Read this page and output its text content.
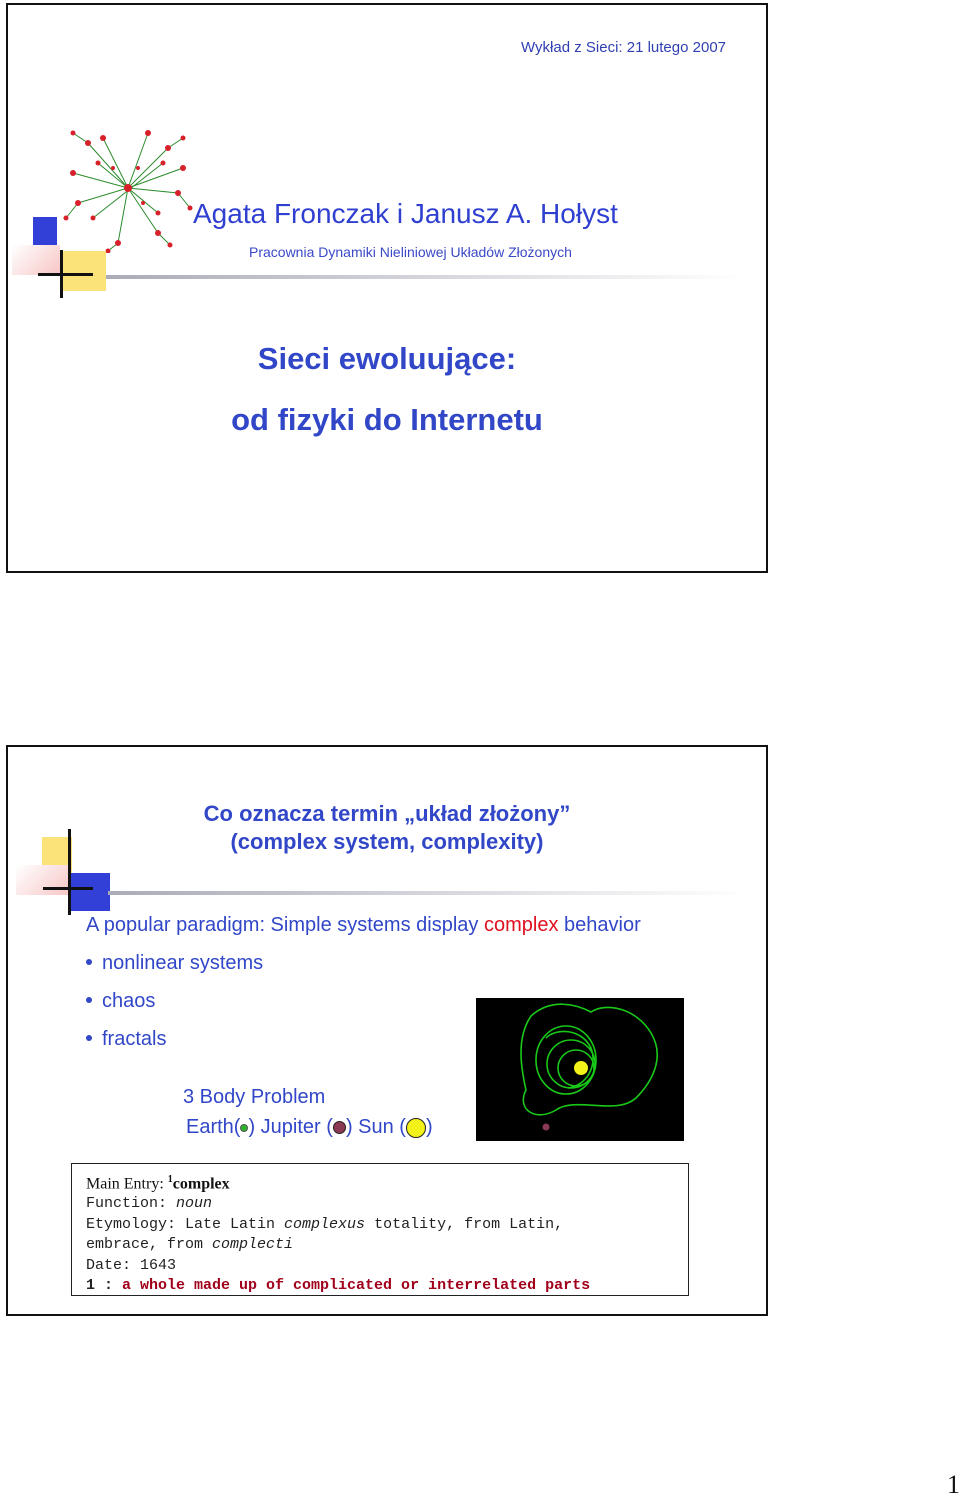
Wykład z Sieci: 21 lutego 2007
Agata Fronczak i Janusz A. Hołyst
Pracownia Dynamiki Nieliniowej Układów Złożonych
Sieci ewoluujące:
od fizyki do Internetu
Co oznacza termin „układ złożony”
(complex system, complexity)
A popular paradigm: Simple systems display complex behavior
nonlinear systems
chaos
fractals
3 Body Problem
Earth( ) Jupiter ( ) Sun ( )
Main Entry: $^1$complex
Function: noun
Etymology: Late Latin complexus totality, from Latin,
embrace, from complecti
Date: 1643
1 : a whole made up of complicated or interrelated parts
1
